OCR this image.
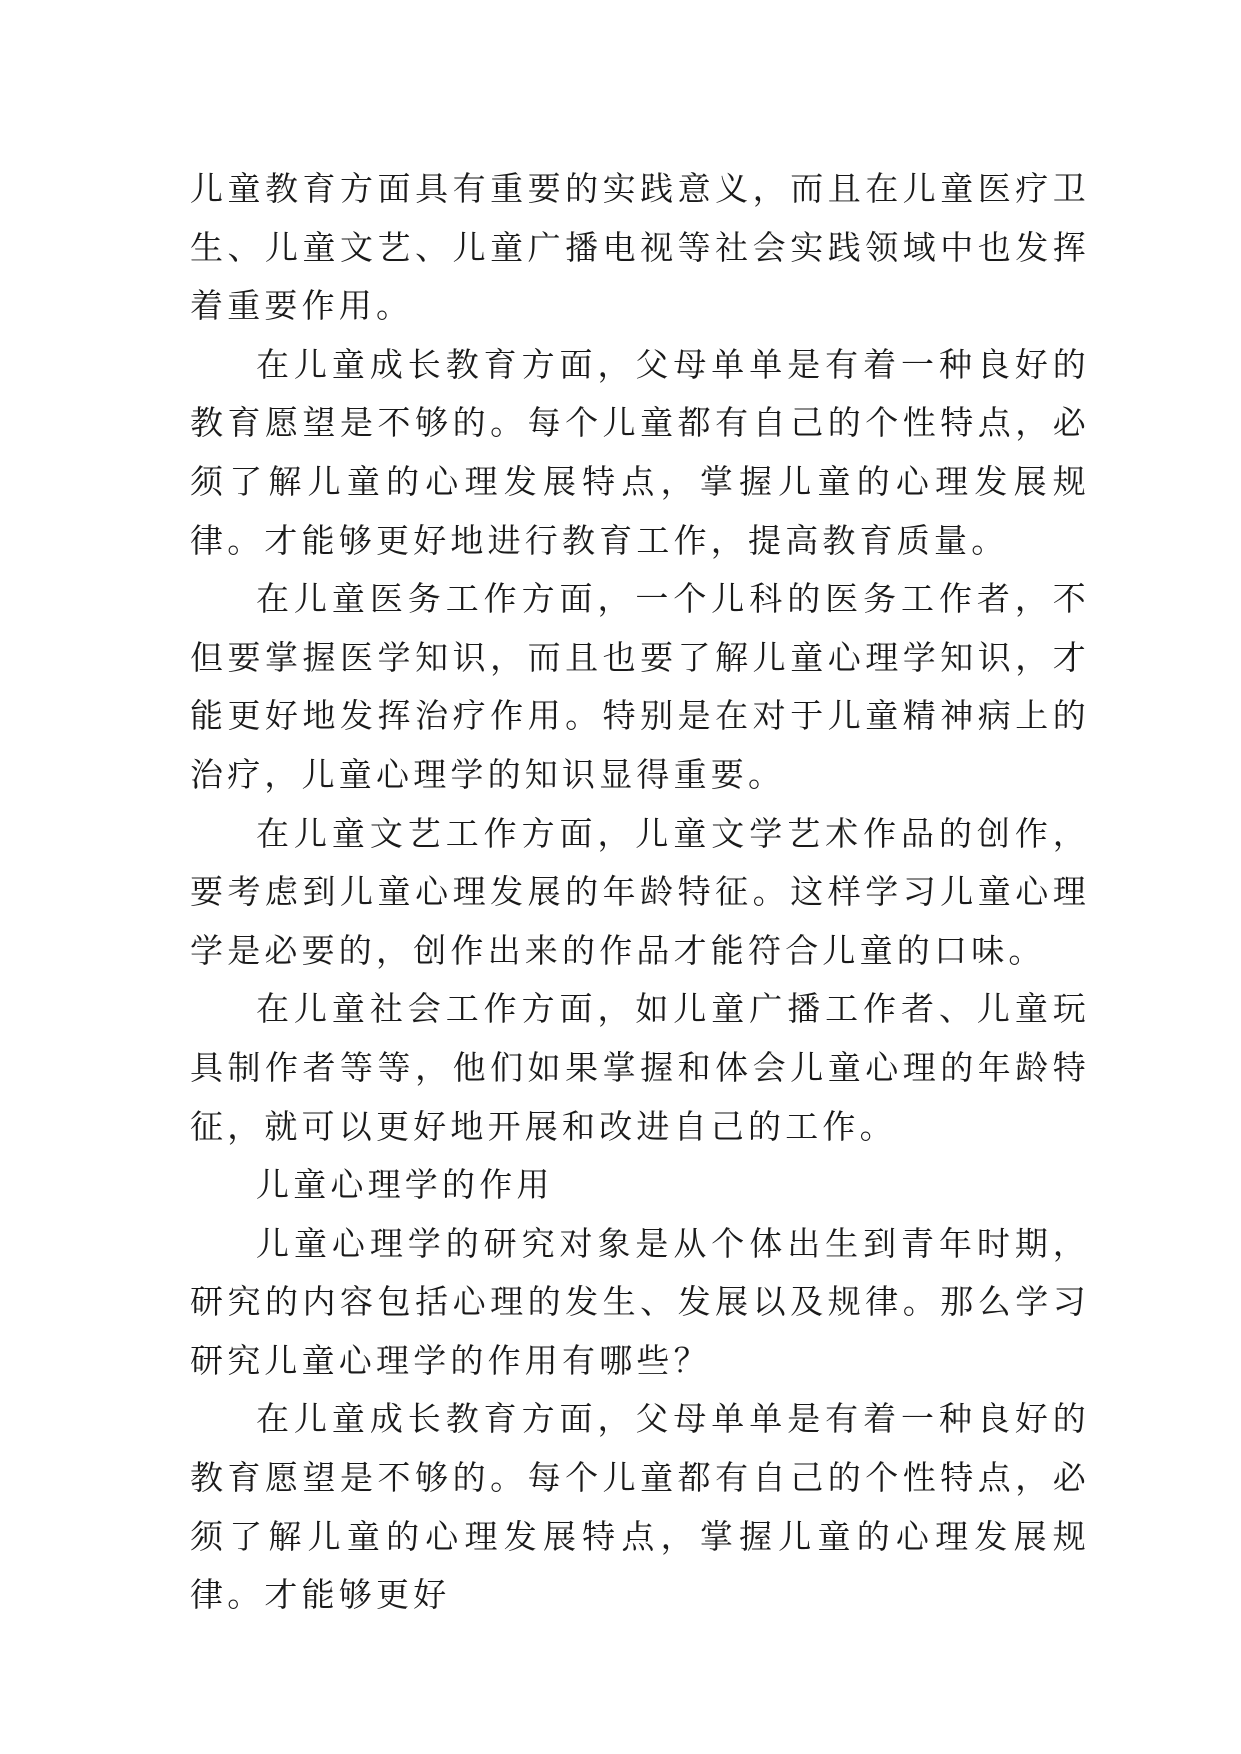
儿童教育方面具有重要的实践意义，而且在儿童医疗卫生、儿童文艺、儿童广播电视等社会实践领域中也发挥着重要作用。

在儿童成长教育方面，父母单单是有着一种良好的教育愿望是不够的。每个儿童都有自己的个性特点，必须了解儿童的心理发展特点，掌握儿童的心理发展规律。才能够更好地进行教育工作，提高教育质量。

在儿童医务工作方面，一个儿科的医务工作者，不但要掌握医学知识，而且也要了解儿童心理学知识，才能更好地发挥治疗作用。特别是在对于儿童精神病上的治疗，儿童心理学的知识显得重要。

在儿童文艺工作方面，儿童文学艺术作品的创作，要考虑到儿童心理发展的年龄特征。这样学习儿童心理学是必要的，创作出来的作品才能符合儿童的口味。

在儿童社会工作方面，如儿童广播工作者、儿童玩具制作者等等，他们如果掌握和体会儿童心理的年龄特征，就可以更好地开展和改进自己的工作。

儿童心理学的作用

儿童心理学的研究对象是从个体出生到青年时期，研究的内容包括心理的发生、发展以及规律。那么学习研究儿童心理学的作用有哪些？

在儿童成长教育方面，父母单单是有着一种良好的教育愿望是不够的。每个儿童都有自己的个性特点，必须了解儿童的心理发展特点，掌握儿童的心理发展规律。才能够更好
